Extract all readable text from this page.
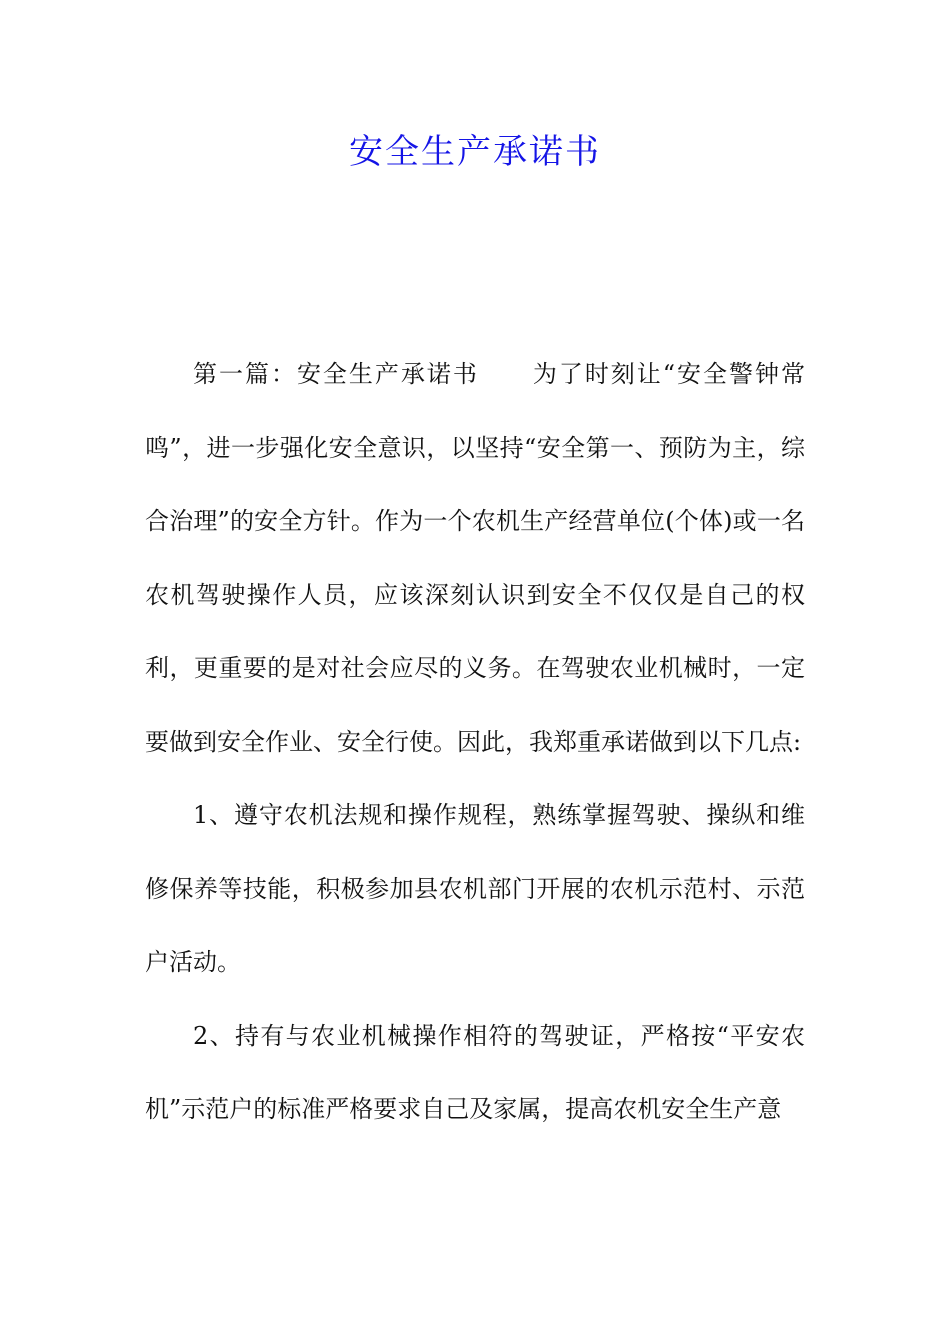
安全生产承诺书

第一篇：安全生产承诺书 为了时刻让“安全警钟常鸣”，进一步强化安全意识，以坚持“安全第一、预防为主，综合治理”的安全方针。作为一个农机生产经营单位(个体)或一名农机驾驶操作人员，应该深刻认识到安全不仅仅是自己的权利，更重要的是对社会应尽的义务。在驾驶农业机械时，一定要做到安全作业、安全行使。因此，我郑重承诺做到以下几点:

1、遵守农机法规和操作规程，熟练掌握驾驶、操纵和维修保养等技能，积极参加县农机部门开展的农机示范村、示范户活动。

2、持有与农业机械操作相符的驾驶证，严格按“平安农机”示范户的标准严格要求自己及家属，提高农机安全生产意
